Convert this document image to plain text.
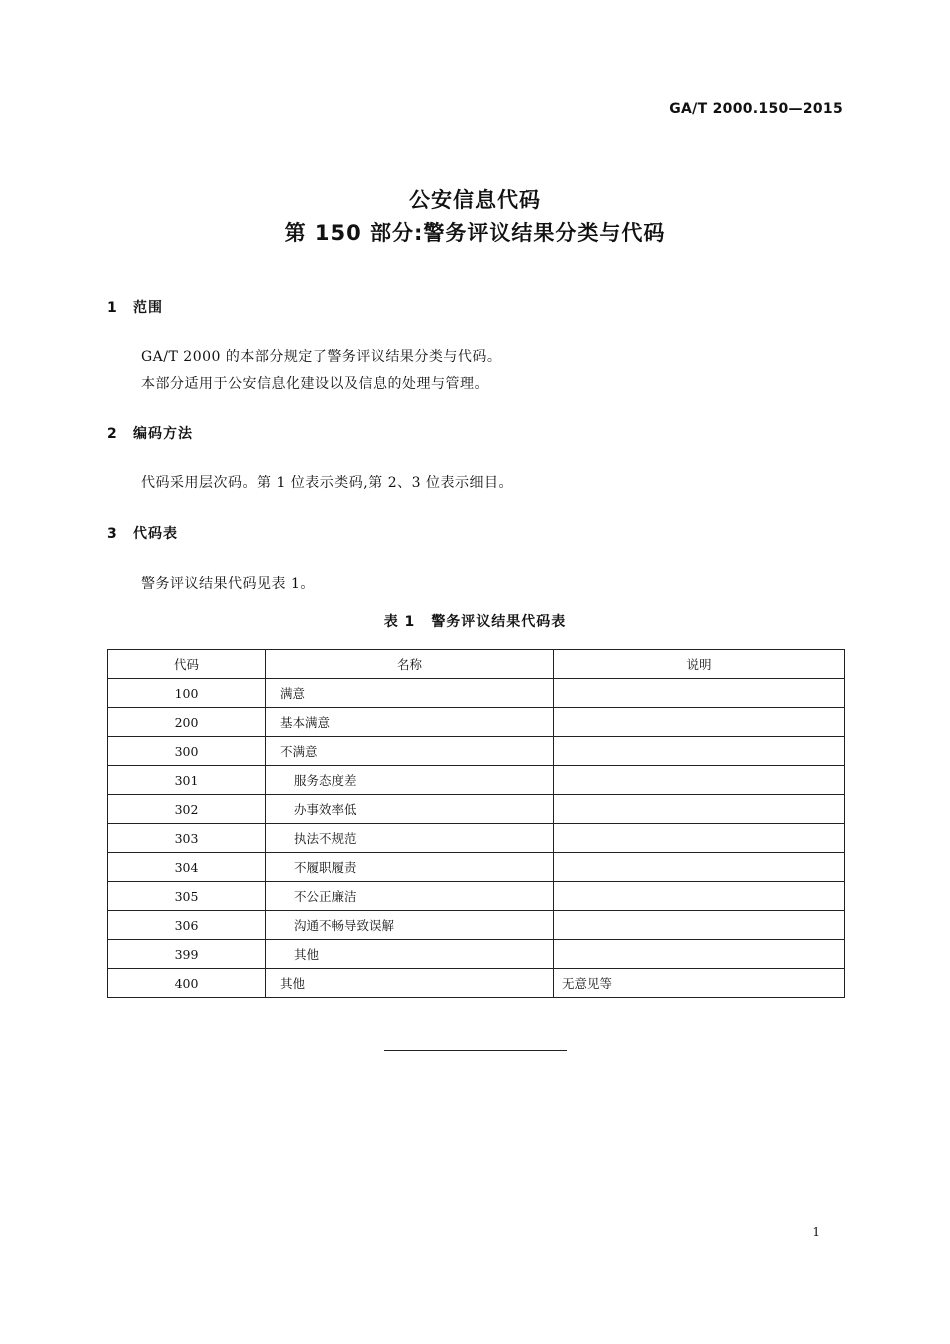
GA/T 2000.150—2015
公安信息代码
第 150 部分:警务评议结果分类与代码
1 范围
GA/T 2000 的本部分规定了警务评议结果分类与代码。
本部分适用于公安信息化建设以及信息的处理与管理。
2 编码方法
代码采用层次码。第 1 位表示类码,第 2、3 位表示细目。
3 代码表
警务评议结果代码见表 1。
表 1 警务评议结果代码表
代码	名称	说明
100	满意	
200	基本满意	
300	不满意	
301	服务态度差	
302	办事效率低	
303	执法不规范	
304	不履职履责	
305	不公正廉洁	
306	沟通不畅导致误解	
399	其他	
400	其他	无意见等
1
